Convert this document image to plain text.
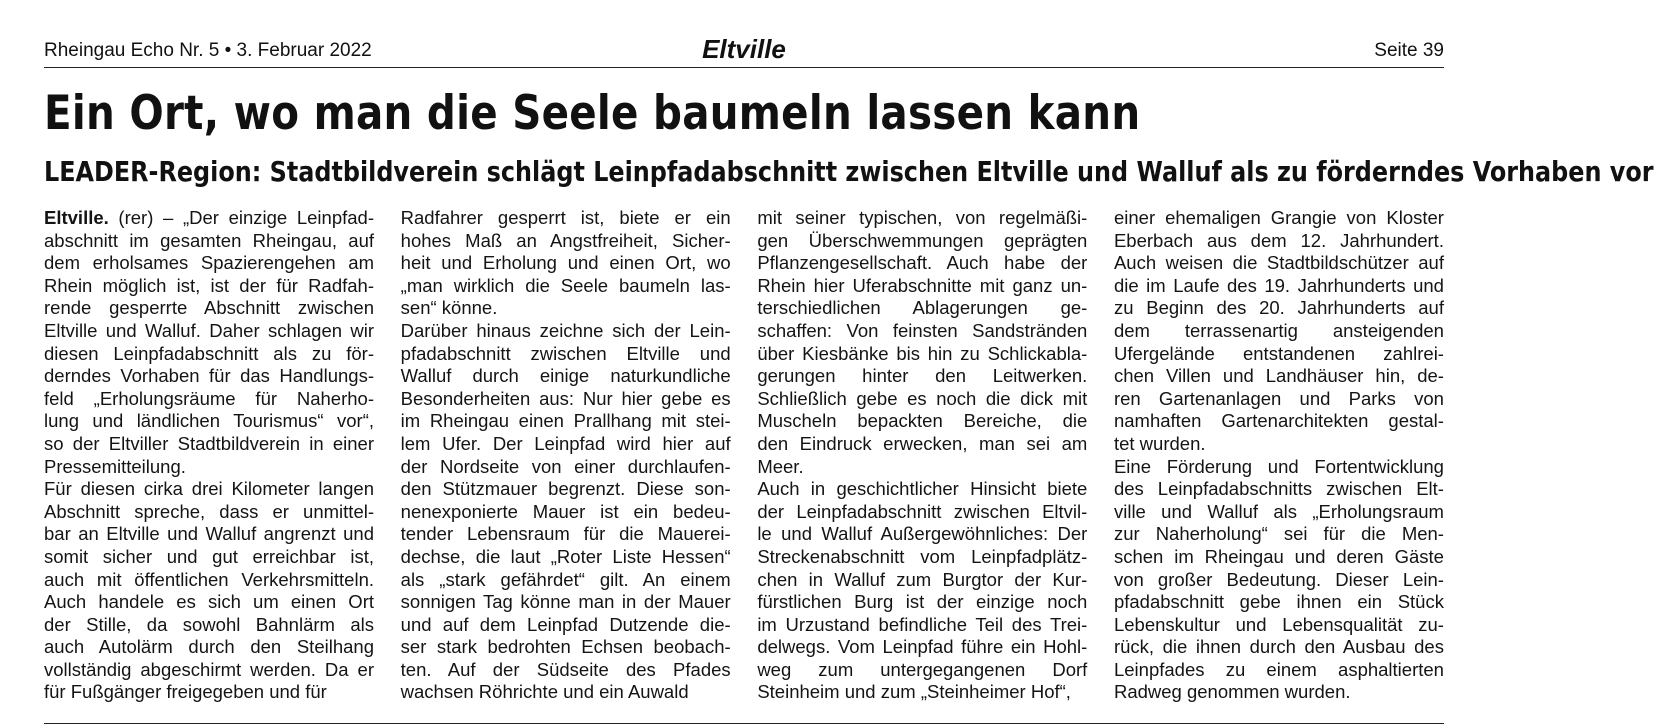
Rheingau Echo Nr. 5 • 3. Februar 2022	Eltville	Seite 39
Ein Ort, wo man die Seele baumeln lassen kann
LEADER-Region: Stadtbildverein schlägt Leinpfadabschnitt zwischen Eltville und Walluf als zu förderndes Vorhaben vor
Eltville. (rer) – „Der einzige Leinpfad-
abschnitt im gesamten Rheingau, auf
dem erholsames Spazierengehen am
Rhein möglich ist, ist der für Radfah-
rende gesperrte Abschnitt zwischen
Eltville und Walluf. Daher schlagen wir
diesen Leinpfadabschnitt als zu för-
derndes Vorhaben für das Handlungs-
feld „Erholungsräume für Naherho-
lung und ländlichen Tourismus“ vor“,
so der Eltviller Stadtbildverein in einer
Pressemitteilung.
Für diesen cirka drei Kilometer langen
Abschnitt spreche, dass er unmittel-
bar an Eltville und Walluf angrenzt und
somit sicher und gut erreichbar ist,
auch mit öffentlichen Verkehrsmitteln.
Auch handele es sich um einen Ort
der Stille, da sowohl Bahnlärm als
auch Autolärm durch den Steilhang
vollständig abgeschirmt werden. Da er
für Fußgänger freigegeben und für
Radfahrer gesperrt ist, biete er ein
hohes Maß an Angstfreiheit, Sicher-
heit und Erholung und einen Ort, wo
„man wirklich die Seele baumeln las-
sen“ könne.
Darüber hinaus zeichne sich der Lein-
pfadabschnitt zwischen Eltville und
Walluf durch einige naturkundliche
Besonderheiten aus: Nur hier gebe es
im Rheingau einen Prallhang mit stei-
lem Ufer. Der Leinpfad wird hier auf
der Nordseite von einer durchlaufen-
den Stützmauer begrenzt. Diese son-
nenexponierte Mauer ist ein bedeu-
tender Lebensraum für die Mauerei-
dechse, die laut „Roter Liste Hessen“
als „stark gefährdet“ gilt. An einem
sonnigen Tag könne man in der Mauer
und auf dem Leinpfad Dutzende die-
ser stark bedrohten Echsen beobach-
ten. Auf der Südseite des Pfades
wachsen Röhrichte und ein Auwald
mit seiner typischen, von regelmäßi-
gen Überschwemmungen geprägten
Pflanzengesellschaft. Auch habe der
Rhein hier Uferabschnitte mit ganz un-
terschiedlichen Ablagerungen ge-
schaffen: Von feinsten Sandstränden
über Kiesbänke bis hin zu Schlickabla-
gerungen hinter den Leitwerken.
Schließlich gebe es noch die dick mit
Muscheln bepackten Bereiche, die
den Eindruck erwecken, man sei am
Meer.
Auch in geschichtlicher Hinsicht biete
der Leinpfadabschnitt zwischen Eltvil-
le und Walluf Außergewöhnliches: Der
Streckenabschnitt vom Leinpfadplätz-
chen in Walluf zum Burgtor der Kur-
fürstlichen Burg ist der einzige noch
im Urzustand befindliche Teil des Trei-
delwegs. Vom Leinpfad führe ein Hohl-
weg zum untergegangenen Dorf
Steinheim und zum „Steinheimer Hof“,
einer ehemaligen Grangie von Kloster
Eberbach aus dem 12. Jahrhundert.
Auch weisen die Stadtbildschützer auf
die im Laufe des 19. Jahrhunderts und
zu Beginn des 20. Jahrhunderts auf
dem terrassenartig ansteigenden
Ufergelände entstandenen zahlrei-
chen Villen und Landhäuser hin, de-
ren Gartenanlagen und Parks von
namhaften Gartenarchitekten gestal-
tet wurden.
Eine Förderung und Fortentwicklung
des Leinpfadabschnitts zwischen Elt-
ville und Walluf als „Erholungsraum
zur Naherholung“ sei für die Men-
schen im Rheingau und deren Gäste
von großer Bedeutung. Dieser Lein-
pfadabschnitt gebe ihnen ein Stück
Lebenskultur und Lebensqualität zu-
rück, die ihnen durch den Ausbau des
Leinpfades zu einem asphaltierten
Radweg genommen wurden.
